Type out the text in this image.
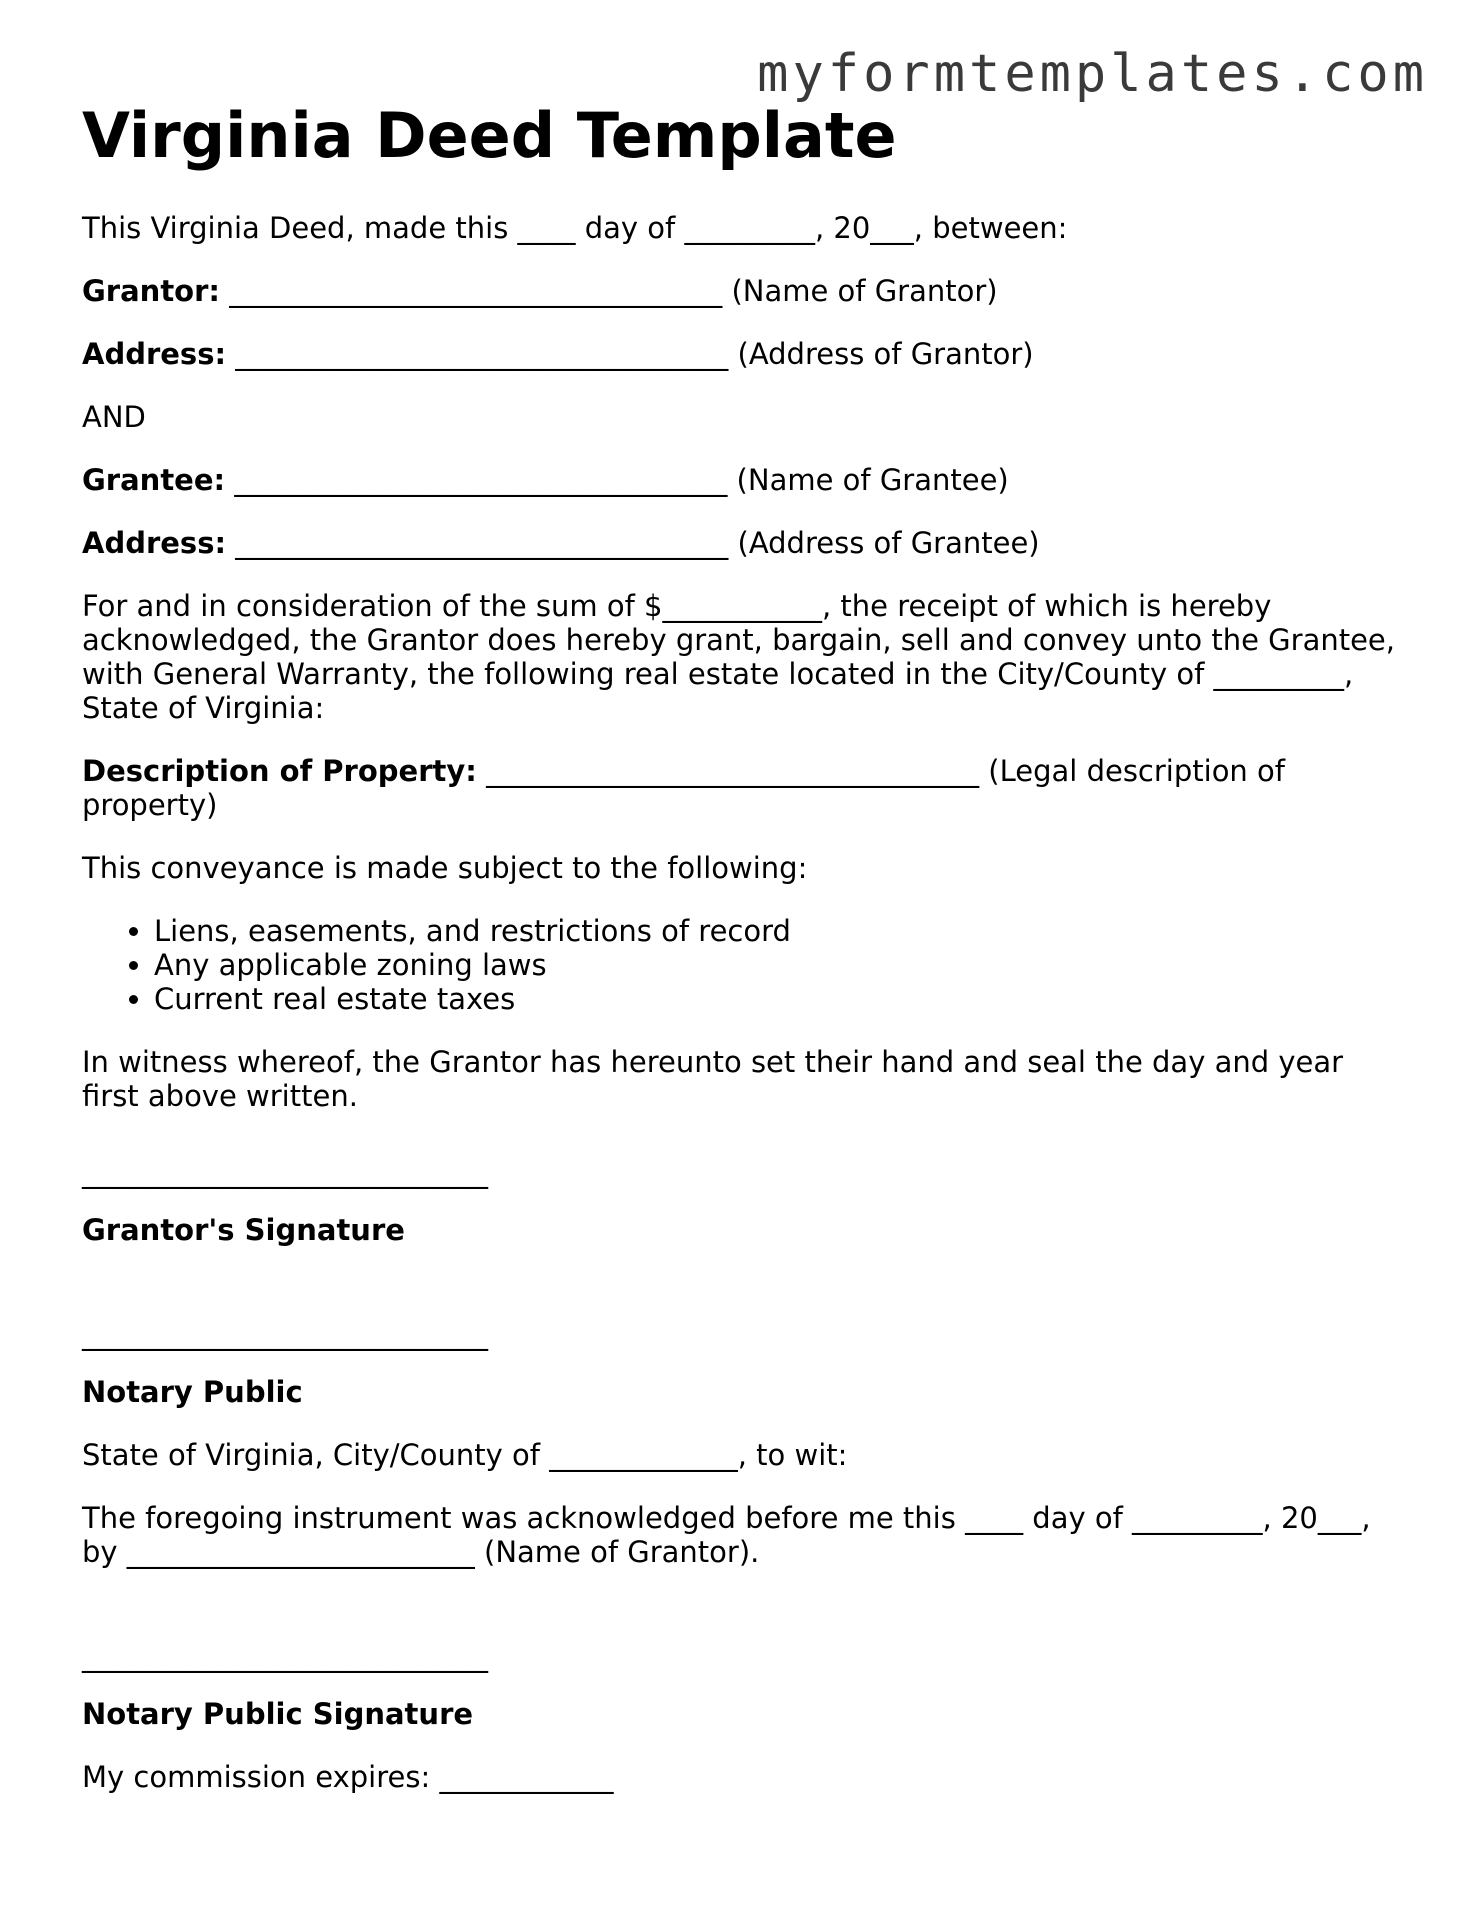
myformtemplates.com
Virginia Deed Template

This Virginia Deed, made this ____ day of _________, 20___, between:

Grantor: __________________________________ (Name of Grantor)

Address: __________________________________ (Address of Grantor)

AND

Grantee: __________________________________ (Name of Grantee)

Address: __________________________________ (Address of Grantee)

For and in consideration of the sum of $___________, the receipt of which is hereby acknowledged, the Grantor does hereby grant, bargain, sell and convey unto the Grantee, with General Warranty, the following real estate located in the City/County of _________, State of Virginia:

Description of Property: __________________________________ (Legal description of property)

This conveyance is made subject to the following:

• Liens, easements, and restrictions of record
• Any applicable zoning laws
• Current real estate taxes

In witness whereof, the Grantor has hereunto set their hand and seal the day and year first above written.

____________________________
Grantor's Signature
____________________________
Notary Public

State of Virginia, City/County of _____________, to wit:

The foregoing instrument was acknowledged before me this ____ day of _________, 20___, by ________________________ (Name of Grantor).

____________________________
Notary Public Signature

My commission expires: ____________
